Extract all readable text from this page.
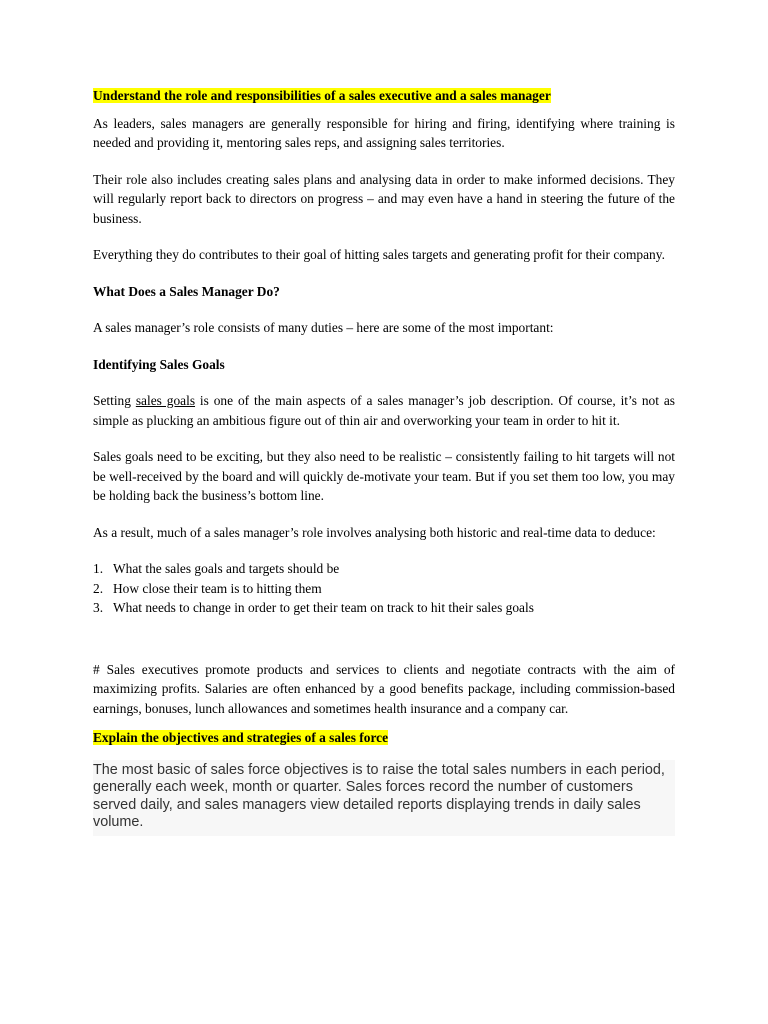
Understand the role and responsibilities of a sales executive and a sales manager

As leaders, sales managers are generally responsible for hiring and firing, identifying where training is needed and providing it, mentoring sales reps, and assigning sales territories.

Their role also includes creating sales plans and analysing data in order to make informed decisions. They will regularly report back to directors on progress – and may even have a hand in steering the future of the business.

Everything they do contributes to their goal of hitting sales targets and generating profit for their company.

What Does a Sales Manager Do?

A sales manager’s role consists of many duties – here are some of the most important:

Identifying Sales Goals

Setting sales goals is one of the main aspects of a sales manager’s job description. Of course, it’s not as simple as plucking an ambitious figure out of thin air and overworking your team in order to hit it.

Sales goals need to be exciting, but they also need to be realistic – consistently failing to hit targets will not be well-received by the board and will quickly de-motivate your team. But if you set them too low, you may be holding back the business’s bottom line.

As a result, much of a sales manager’s role involves analysing both historic and real-time data to deduce:

1. What the sales goals and targets should be
2. How close their team is to hitting them
3. What needs to change in order to get their team on track to hit their sales goals

# Sales executives promote products and services to clients and negotiate contracts with the aim of maximizing profits. Salaries are often enhanced by a good benefits package, including commission-based earnings, bonuses, lunch allowances and sometimes health insurance and a company car.

Explain the objectives and strategies of a sales force
The most basic of sales force objectives is to raise the total sales numbers in each period, generally each week, month or quarter. Sales forces record the number of customers served daily, and sales managers view detailed reports displaying trends in daily sales volume.
